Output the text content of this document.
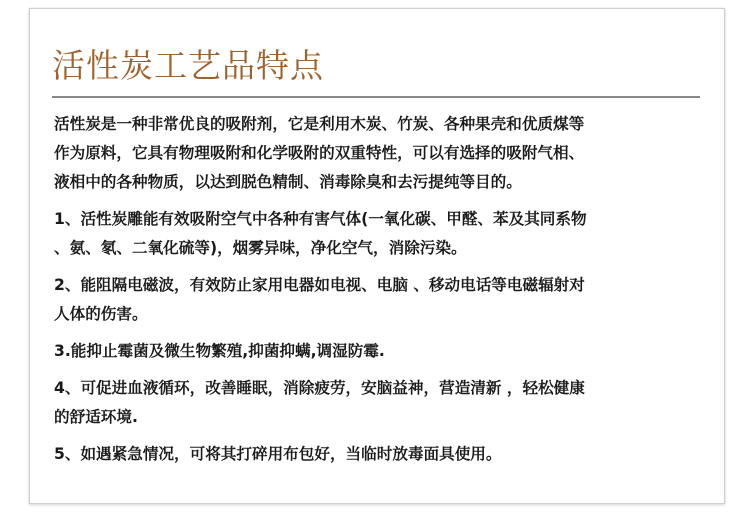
活性炭工艺品特点

活性炭是一种非常优良的吸附剂，它是利用木炭、竹炭、各种果壳和优质煤等
作为原料，它具有物理吸附和化学吸附的双重特性，可以有选择的吸附气相、
液相中的各种物质，以达到脱色精制、消毒除臭和去污提纯等目的。

1、活性炭雕能有效吸附空气中各种有害气体(一氧化碳、甲醛、苯及其同系物
、氨、氡、二氧化硫等)，烟雾异味，净化空气，消除污染。

2、能阻隔电磁波，有效防止家用电器如电视、电脑 、移动电话等电磁辐射对
人体的伤害。

3.能抑止霉菌及微生物繁殖,抑菌抑螨,调湿防霉.

4、可促进血液循环，改善睡眠，消除疲劳，安脑益神，营造清新 ，轻松健康
的舒适环境.

5、如遇紧急情况，可将其打碎用布包好，当临时放毒面具使用。
